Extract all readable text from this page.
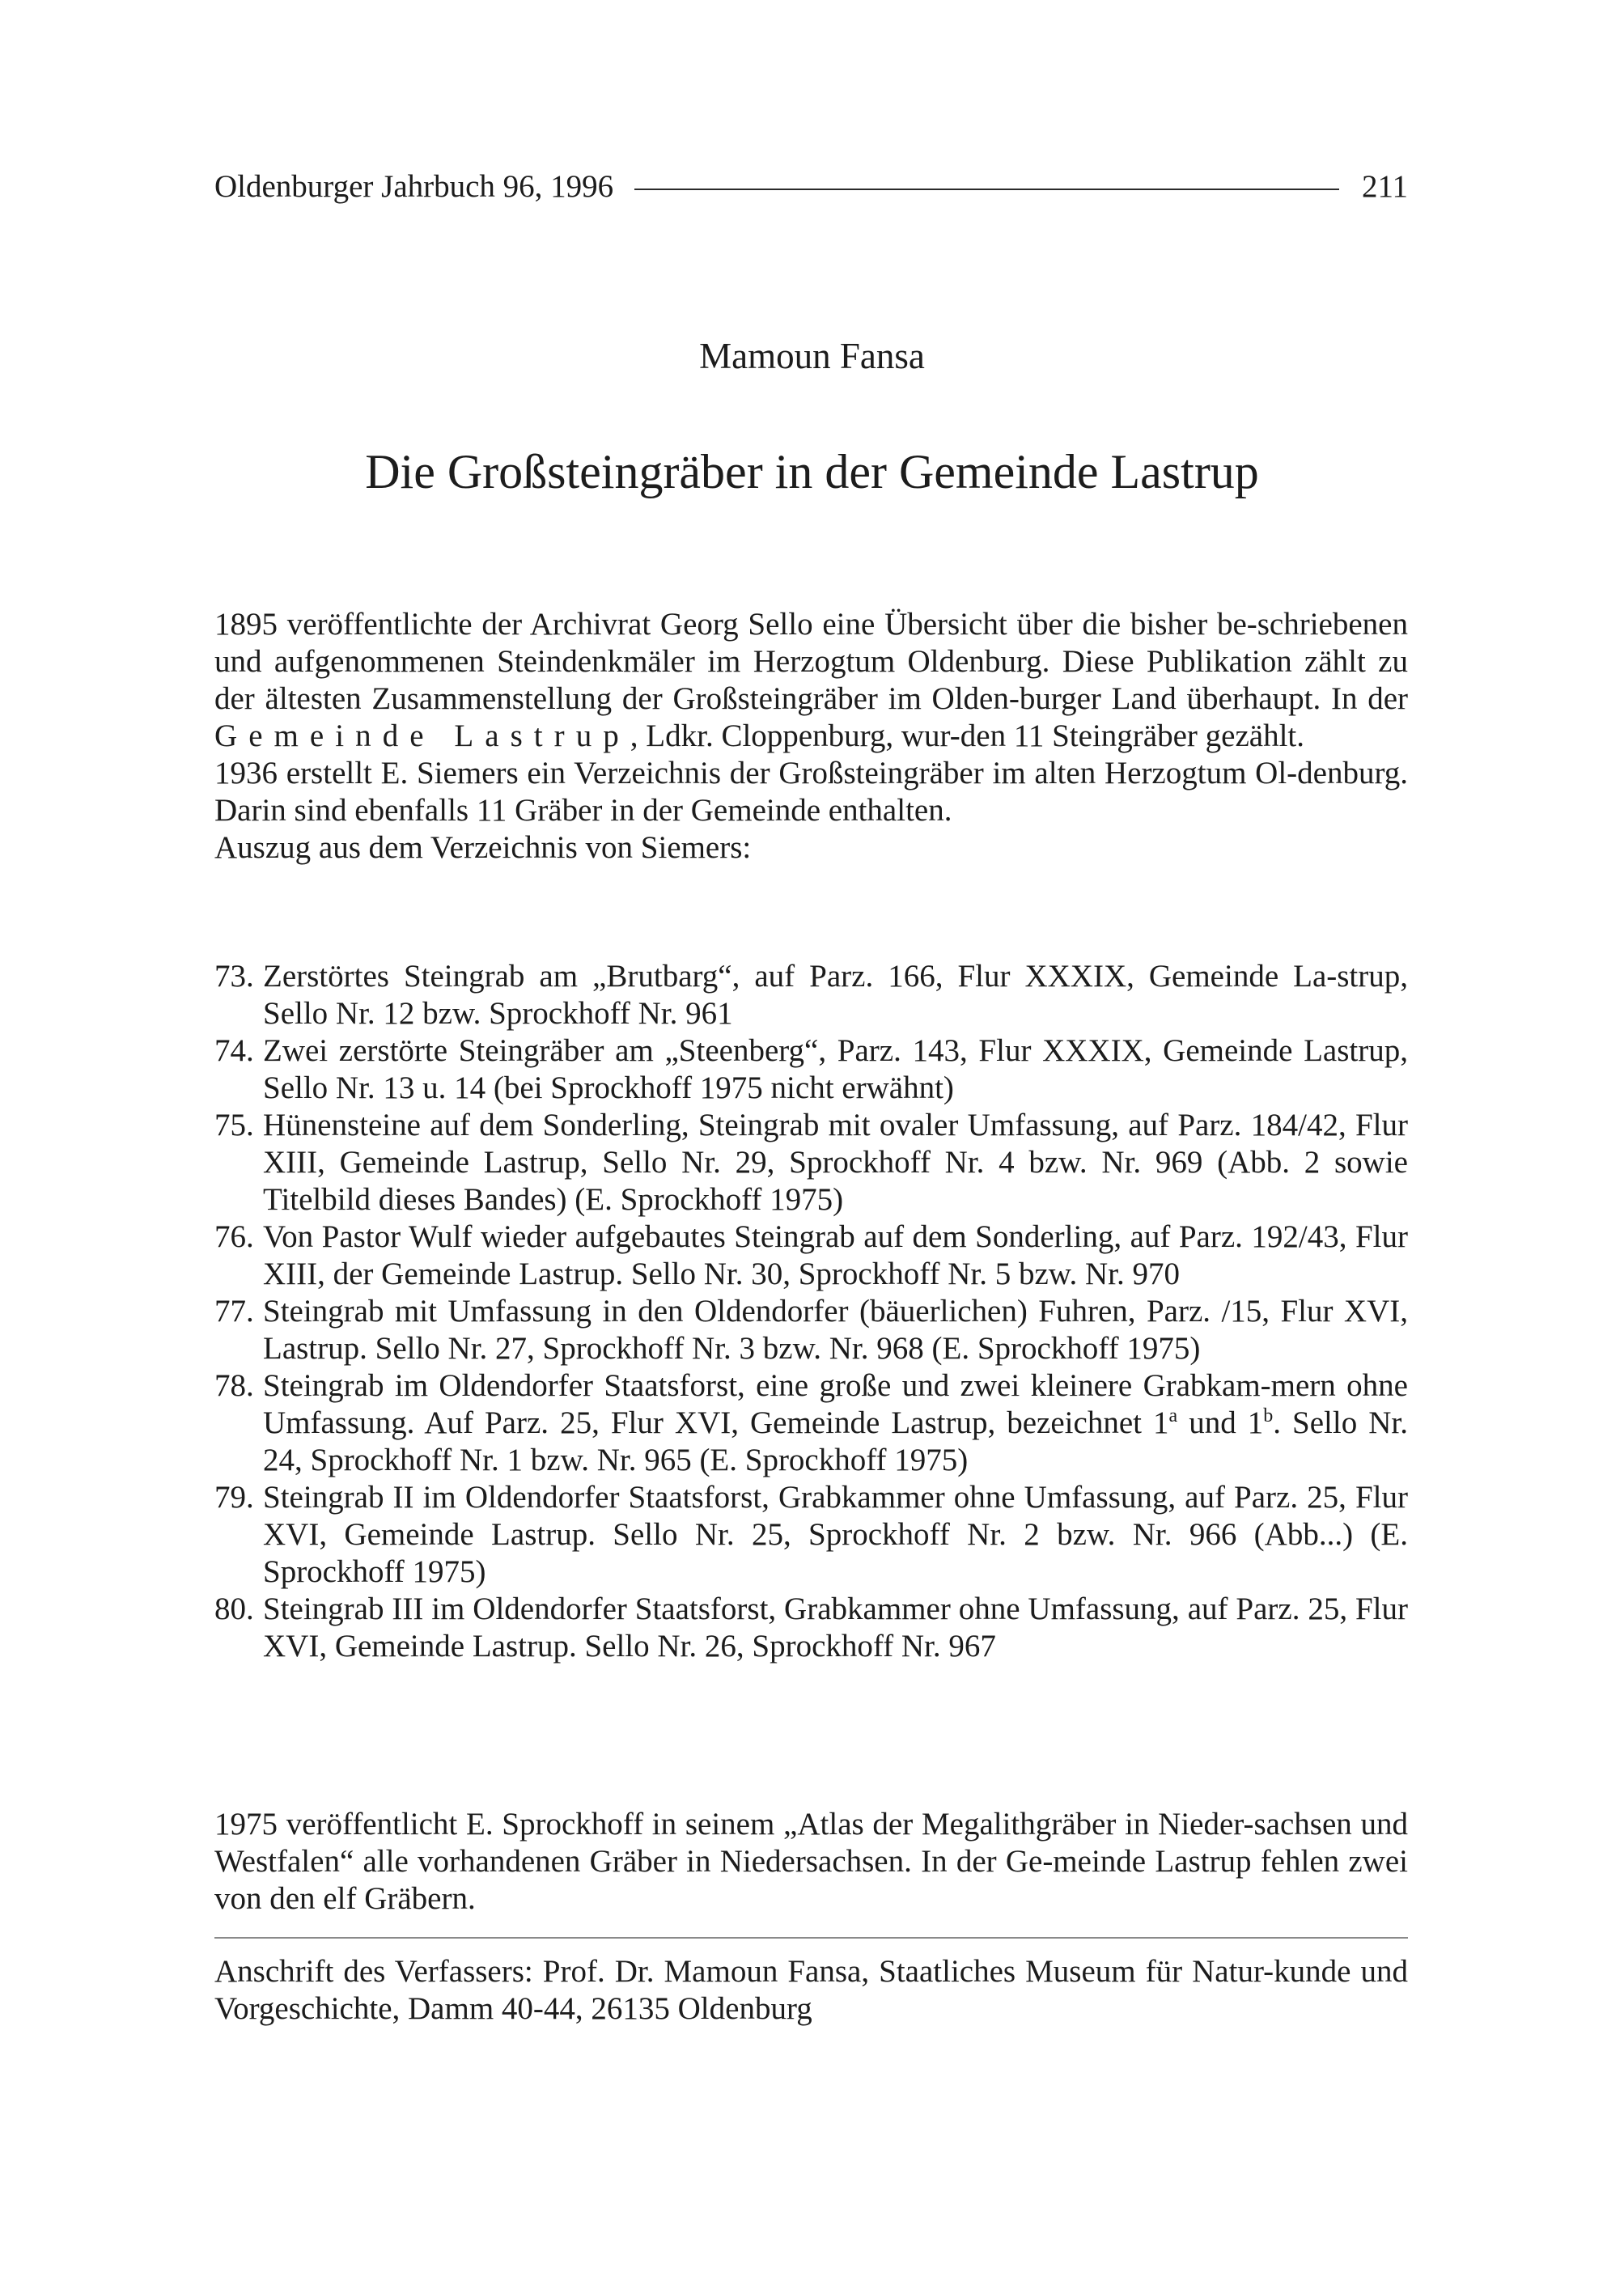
Oldenburger Jahrbuch 96, 1996	211
Mamoun Fansa
Die Großsteingräber in der Gemeinde Lastrup

1895 veröffentlichte der Archivrat Georg Sello eine Übersicht über die bisher be-schriebenen und aufgenommenen Steindenkmäler im Herzogtum Oldenburg. Diese Publikation zählt zu der ältesten Zusammenstellung der Großsteingräber im Olden-burger Land überhaupt. In der Gemeinde Lastrup, Ldkr. Cloppenburg, wur-den 11 Steingräber gezählt.

1936 erstellt E. Siemers ein Verzeichnis der Großsteingräber im alten Herzogtum Ol-denburg. Darin sind ebenfalls 11 Gräber in der Gemeinde enthalten.

Auszug aus dem Verzeichnis von Siemers:

73. Zerstörtes Steingrab am „Brutbarg“, auf Parz. 166, Flur XXXIX, Gemeinde La-strup, Sello Nr. 12 bzw. Sprockhoff Nr. 961
74. Zwei zerstörte Steingräber am „Steenberg“, Parz. 143, Flur XXXIX, Gemeinde Lastrup, Sello Nr. 13 u. 14 (bei Sprockhoff 1975 nicht erwähnt)
75. Hünensteine auf dem Sonderling, Steingrab mit ovaler Umfassung, auf Parz. 184/42, Flur XIII, Gemeinde Lastrup, Sello Nr. 29, Sprockhoff Nr. 4 bzw. Nr. 969 (Abb. 2 sowie Titelbild dieses Bandes) (E. Sprockhoff 1975)
76. Von Pastor Wulf wieder aufgebautes Steingrab auf dem Sonderling, auf Parz. 192/43, Flur XIII, der Gemeinde Lastrup. Sello Nr. 30, Sprockhoff Nr. 5 bzw. Nr. 970
77. Steingrab mit Umfassung in den Oldendorfer (bäuerlichen) Fuhren, Parz. /15, Flur XVI, Lastrup. Sello Nr. 27, Sprockhoff Nr. 3 bzw. Nr. 968 (E. Sprockhoff 1975)
78. Steingrab im Oldendorfer Staatsforst, eine große und zwei kleinere Grabkam-mern ohne Umfassung. Auf Parz. 25, Flur XVI, Gemeinde Lastrup, bezeichnet 1$^a$ und 1$^b$. Sello Nr. 24, Sprockhoff Nr. 1 bzw. Nr. 965 (E. Sprockhoff 1975)
79. Steingrab II im Oldendorfer Staatsforst, Grabkammer ohne Umfassung, auf Parz. 25, Flur XVI, Gemeinde Lastrup. Sello Nr. 25, Sprockhoff Nr. 2 bzw. Nr. 966 (Abb...) (E. Sprockhoff 1975)
80. Steingrab III im Oldendorfer Staatsforst, Grabkammer ohne Umfassung, auf Parz. 25, Flur XVI, Gemeinde Lastrup. Sello Nr. 26, Sprockhoff Nr. 967

1975 veröffentlicht E. Sprockhoff in seinem „Atlas der Megalithgräber in Nieder-sachsen und Westfalen“ alle vorhandenen Gräber in Niedersachsen. In der Ge-meinde Lastrup fehlen zwei von den elf Gräbern.

Anschrift des Verfassers: Prof. Dr. Mamoun Fansa, Staatliches Museum für Natur-kunde und Vorgeschichte, Damm 40-44, 26135 Oldenburg
